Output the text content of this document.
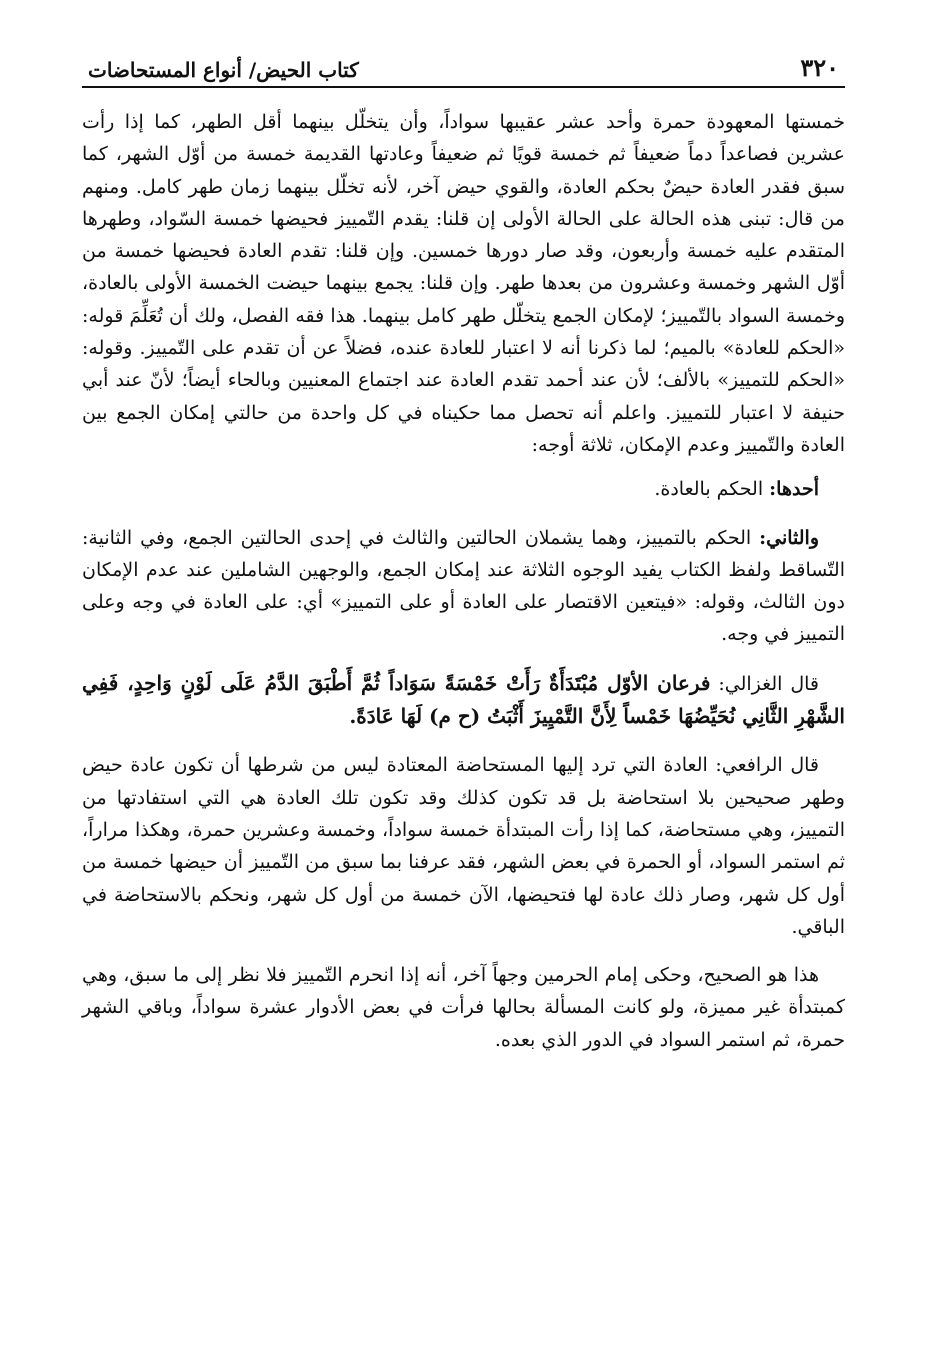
٣٢٠
كتاب الحيض/ أنواع المستحاضات

خمستها المعهودة حمرة وأحد عشر عقيبها سواداً، وأن يتخلّل بينهما أقل الطهر، كما إذا رأت عشرين فصاعداً دماً ضعيفاً ثم خمسة قويًا ثم ضعيفاً وعادتها القديمة خمسة من أوّل الشهر، كما سبق فقدر العادة حيضٌ بحكم العادة، والقوي حيض آخر، لأنه تخلّل بينهما زمان طهر كامل. ومنهم من قال: تبنى هذه الحالة على الحالة الأولى إن قلنا: يقدم التّمييز فحيضها خمسة السّواد، وطهرها المتقدم عليه خمسة وأربعون، وقد صار دورها خمسين. وإن قلنا: تقدم العادة فحيضها خمسة من أوّل الشهر وخمسة وعشرون من بعدها طهر. وإن قلنا: يجمع بينهما حيضت الخمسة الأولى بالعادة، وخمسة السواد بالتّمييز؛ لإمكان الجمع يتخلّل طهر كامل بينهما. هذا فقه الفصل، ولك أن تُعَلِّمَ قوله: «الحكم للعادة» بالميم؛ لما ذكرنا أنه لا اعتبار للعادة عنده، فضلاً عن أن تقدم على التّمييز. وقوله: «الحكم للتمييز» بالألف؛ لأن عند أحمد تقدم العادة عند اجتماع المعنيين وبالحاء أيضاً؛ لأنّ عند أبي حنيفة لا اعتبار للتمييز. واعلم أنه تحصل مما حكيناه في كل واحدة من حالتي إمكان الجمع بين العادة والتّمييز وعدم الإمكان، ثلاثة أوجه:

أحدها: الحكم بالعادة.

والثاني: الحكم بالتمييز، وهما يشملان الحالتين والثالث في إحدى الحالتين الجمع، وفي الثانية: التّساقط ولفظ الكتاب يفيد الوجوه الثلاثة عند إمكان الجمع، والوجهين الشاملين عند عدم الإمكان دون الثالث، وقوله: «فيتعين الاقتصار على العادة أو على التمييز» أي: على العادة في وجه وعلى التمييز في وجه.

قال الغزالي: فرعان الأوّل مُبْتَدَأَةٌ رَأَتْ خَمْسَةً سَوَاداً ثُمَّ أَطْبَقَ الدَّمُ عَلَى لَوْنٍ وَاحِدٍ، فَفِي الشَّهْرِ الثَّانِي نُحَيِّضُهَا خَمْساً لِأَنَّ التَّمْيِيزَ أَثْبَتُ (ح م) لَهَا عَادَةً.

قال الرافعي: العادة التي ترد إليها المستحاضة المعتادة ليس من شرطها أن تكون عادة حيض وطهر صحيحين بلا استحاضة بل قد تكون كذلك وقد تكون تلك العادة هي التي استفادتها من التمييز، وهي مستحاضة، كما إذا رأت المبتدأة خمسة سواداً، وخمسة وعشرين حمرة، وهكذا مراراً، ثم استمر السواد، أو الحمرة في بعض الشهر، فقد عرفنا بما سبق من التّمييز أن حيضها خمسة من أول كل شهر، وصار ذلك عادة لها فتحيضها، الآن خمسة من أول كل شهر، ونحكم بالاستحاضة في الباقي.

هذا هو الصحيح، وحكى إمام الحرمين وجهاً آخر، أنه إذا انحرم التّمييز فلا نظر إلى ما سبق، وهي كمبتدأة غير مميزة، ولو كانت المسألة بحالها فرأت في بعض الأدوار عشرة سواداً، وباقي الشهر حمرة، ثم استمر السواد في الدور الذي بعده.
